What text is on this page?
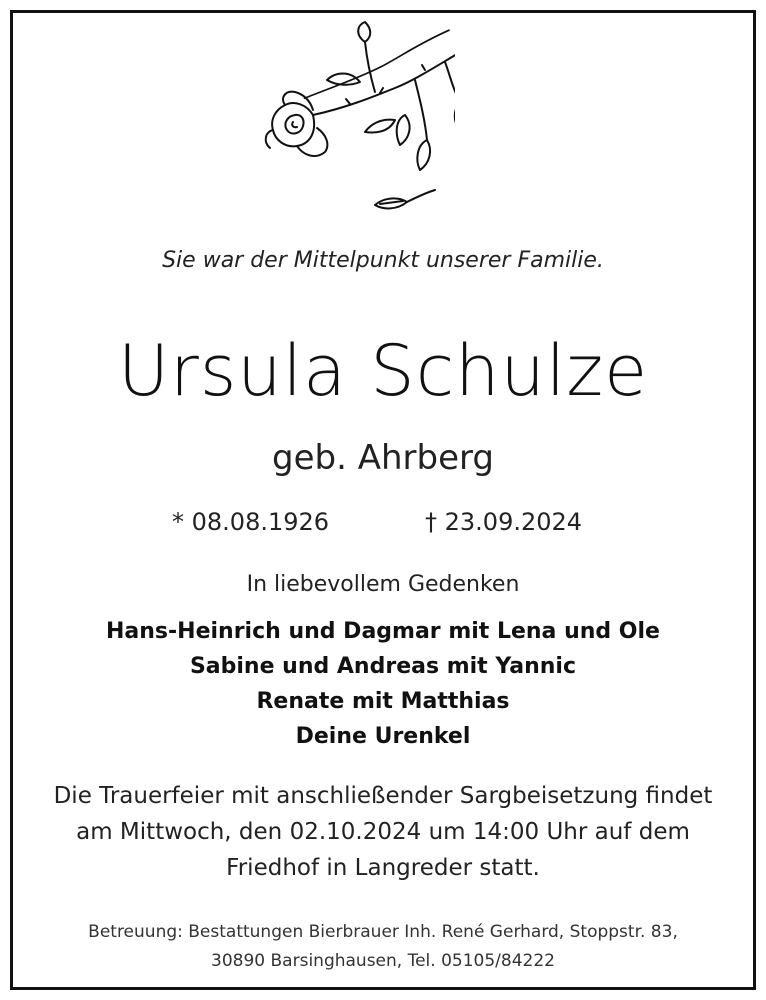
Sie war der Mittelpunkt unserer Familie.
Ursula Schulze
geb. Ahrberg
* 08.08.1926	† 23.09.2024
In liebevollem Gedenken
Hans-Heinrich und Dagmar mit Lena und Ole
Sabine und Andreas mit Yannic
Renate mit Matthias
Deine Urenkel
Die Trauerfeier mit anschließender Sargbeisetzung findet
am Mittwoch, den 02.10.2024 um 14:00 Uhr auf dem
Friedhof in Langreder statt.
Betreuung: Bestattungen Bierbrauer Inh. René Gerhard, Stoppstr. 83,
30890 Barsinghausen, Tel. 05105/84222
